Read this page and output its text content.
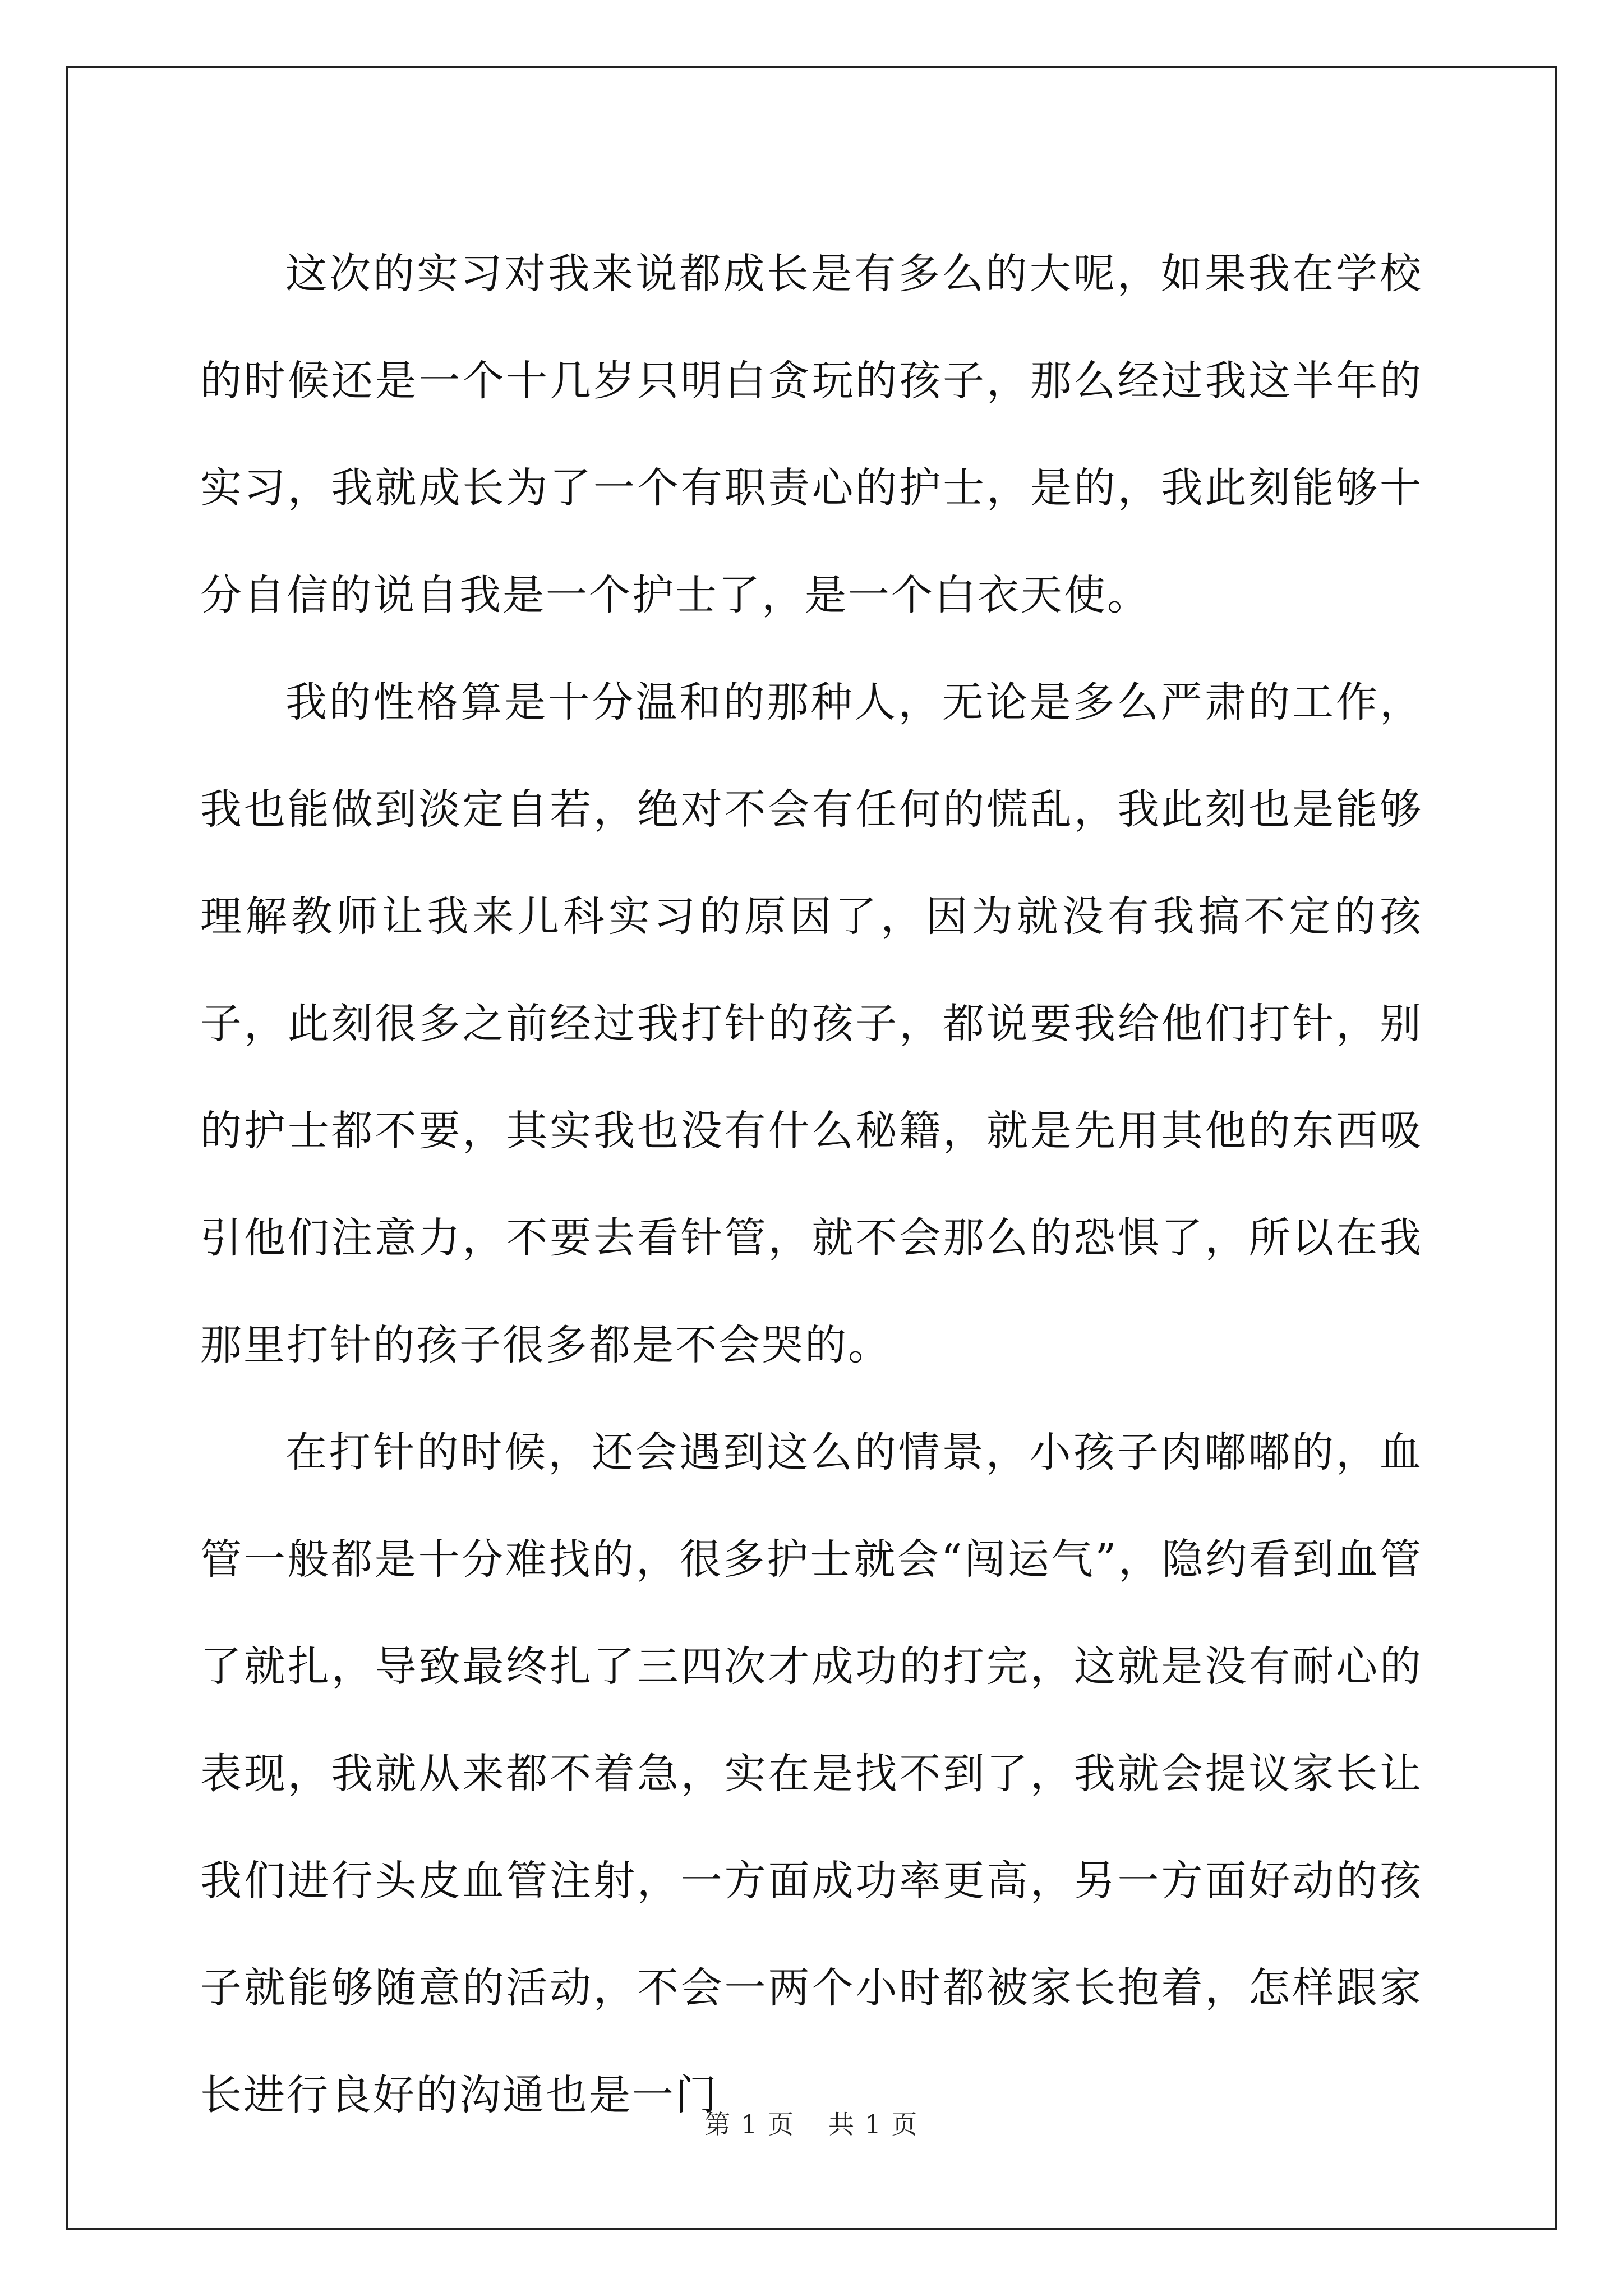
这次的实习对我来说都成长是有多么的大呢，如果我在学校的时候还是一个十几岁只明白贪玩的孩子，那么经过我这半年的实习，我就成长为了一个有职责心的护士，是的，我此刻能够十分自信的说自我是一个护士了，是一个白衣天使。

我的性格算是十分温和的那种人，无论是多么严肃的工作，我也能做到淡定自若，绝对不会有任何的慌乱，我此刻也是能够理解教师让我来儿科实习的原因了，因为就没有我搞不定的孩子，此刻很多之前经过我打针的孩子，都说要我给他们打针，别的护士都不要，其实我也没有什么秘籍，就是先用其他的东西吸引他们注意力，不要去看针管，就不会那么的恐惧了，所以在我那里打针的孩子很多都是不会哭的。

在打针的时候，还会遇到这么的情景，小孩子肉嘟嘟的，血管一般都是十分难找的，很多护士就会“闯运气”，隐约看到血管了就扎，导致最终扎了三四次才成功的打完，这就是没有耐心的表现，我就从来都不着急，实在是找不到了，我就会提议家长让我们进行头皮血管注射，一方面成功率更高，另一方面好动的孩子就能够随意的活动，不会一两个小时都被家长抱着，怎样跟家长进行良好的沟通也是一门

第 1 页 共 1 页
